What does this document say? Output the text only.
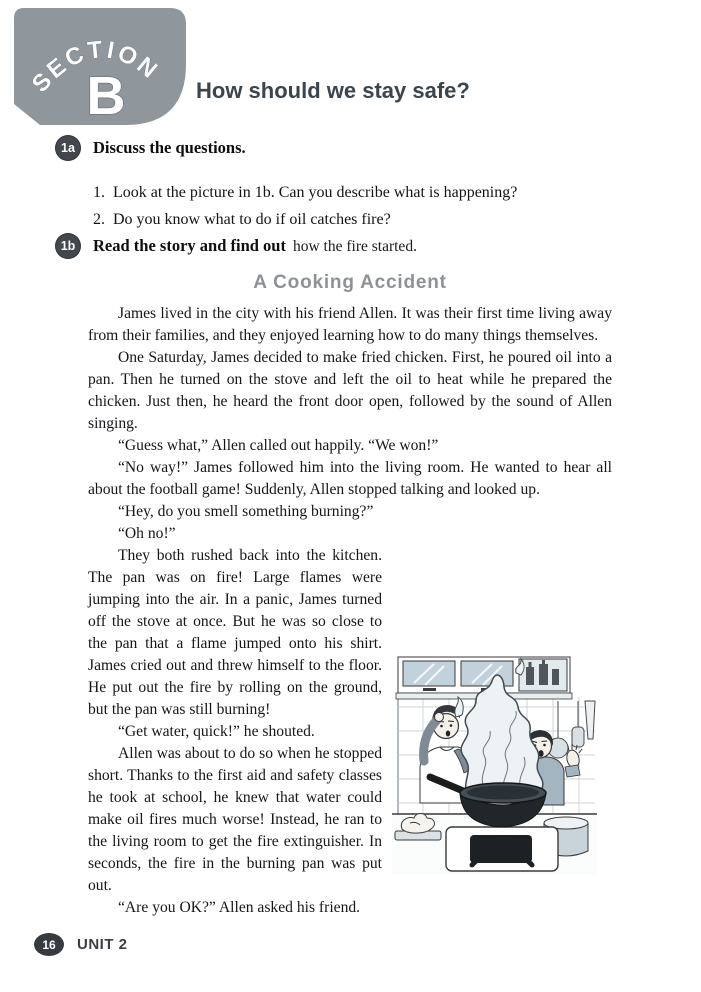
SECTION
B	How should we stay safe?
1a	Discuss the questions.
1. Look at the picture in 1b. Can you describe what is happening?
2. Do you know what to do if oil catches fire?
1b Read the story and find out how the fire started.
A Cooking Accident

James lived in the city with his friend Allen. It was their first time living away from their families, and they enjoyed learning how to do many things themselves.

One Saturday, James decided to make fried chicken. First, he poured oil into a pan. Then he turned on the stove and left the oil to heat while he prepared the chicken. Just then, he heard the front door open, followed by the sound of Allen singing.

“Guess what,” Allen called out happily. “We won!”

“No way!” James followed him into the living room. He wanted to hear all about the football game! Suddenly, Allen stopped talking and looked up.

“Hey, do you smell something burning?”

“Oh no!”

They both rushed back into the kitchen. The pan was on fire! Large flames were jumping into the air. In a panic, James turned off the stove at once. But he was so close to the pan that a flame jumped onto his shirt. James cried out and threw himself to the floor. He put out the fire by rolling on the ground, but the pan was still burning!

“Get water, quick!” he shouted.

Allen was about to do so when he stopped short. Thanks to the first aid and safety classes he took at school, he knew that water could make oil fires much worse! Instead, he ran to the living room to get the fire extinguisher. In seconds, the fire in the burning pan was put out.

“Are you OK?” Allen asked his friend.

16	UNIT 2
